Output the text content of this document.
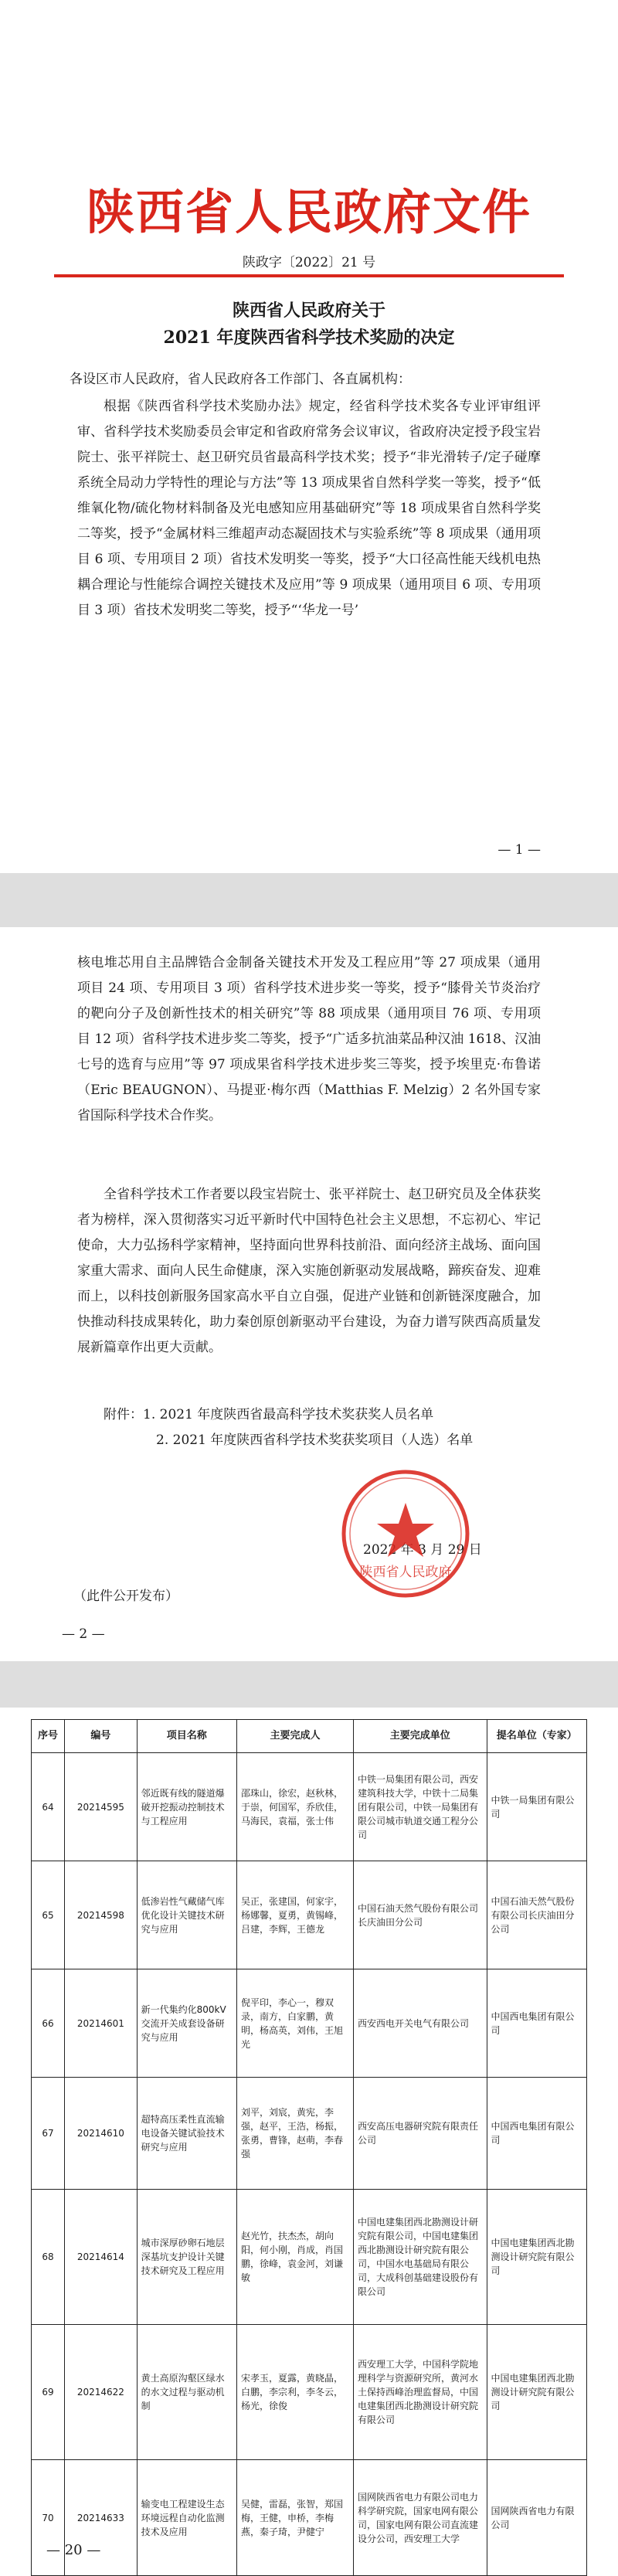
陕西省人民政府文件
陕政字〔2022〕21 号
陕西省人民政府关于
2021 年度陕西省科学技术奖励的决定
各设区市人民政府，省人民政府各工作部门、各直属机构：
根据《陕西省科学技术奖励办法》规定，经省科学技术奖各专业评审组评审、省科学技术奖励委员会审定和省政府常务会议审议，省政府决定授予段宝岩院士、张平祥院士、赵卫研究员省最高科学技术奖；授予“非光滑转子/定子碰摩系统全局动力学特性的理论与方法”等 13 项成果省自然科学奖一等奖，授予“低维氧化物/硫化物材料制备及光电感知应用基础研究”等 18 项成果省自然科学奖二等奖，授予“金属材料三维超声动态凝固技术与实验系统”等 8 项成果（通用项目 6 项、专用项目 2 项）省技术发明奖一等奖，授予“大口径高性能天线机电热耦合理论与性能综合调控关键技术及应用”等 9 项成果（通用项目 6 项、专用项目 3 项）省技术发明奖二等奖，授予“‘华龙一号’
— 1 —
核电堆芯用自主品牌锆合金制备关键技术开发及工程应用”等 27 项成果（通用项目 24 项、专用项目 3 项）省科学技术进步奖一等奖，授予“膝骨关节炎治疗的靶向分子及创新性技术的相关研究”等 88 项成果（通用项目 76 项、专用项目 12 项）省科学技术进步奖二等奖，授予“广适多抗油菜品种汉油 1618、汉油七号的选育与应用”等 97 项成果省科学技术进步奖三等奖，授予埃里克·布鲁诺（Eric BEAUGNON）、马提亚·梅尔西（Matthias F. Melzig）2 名外国专家省国际科学技术合作奖。
全省科学技术工作者要以段宝岩院士、张平祥院士、赵卫研究员及全体获奖者为榜样，深入贯彻落实习近平新时代中国特色社会主义思想，不忘初心、牢记使命，大力弘扬科学家精神，坚持面向世界科技前沿、面向经济主战场、面向国家重大需求、面向人民生命健康，深入实施创新驱动发展战略，蹄疾奋发、迎难而上，以科技创新服务国家高水平自立自强，促进产业链和创新链深度融合，加快推动科技成果转化，助力秦创原创新驱动平台建设，为奋力谱写陕西高质量发展新篇章作出更大贡献。
附件：1. 2021 年度陕西省最高科学技术奖获奖人员名单
2. 2021 年度陕西省科学技术奖获奖项目（人选）名单
2022 年 3 月 29 日
（此件公开发布）
— 2 —
陕西省人民政府
序号	编号	项目名称	主要完成人	主要完成单位	提名单位（专家）
64	20214595	邻近既有线的隧道爆破开挖振动控制技术与工程应用	邵珠山，徐宏，赵秋林，于崇，何国军，乔欣佳，马海民，袁福，张士伟	中铁一局集团有限公司，西安建筑科技大学，中铁十二局集团有限公司，中铁一局集团有限公司城市轨道交通工程分公司	中铁一局集团有限公司
65	20214598	低渗岩性气藏储气库优化设计关键技术研究与应用	吴正，张建国，何家宇，杨娜馨，夏勇，黄锡峰，吕建，李辉，王德龙	中国石油天然气股份有限公司长庆油田分公司	中国石油天然气股份有限公司长庆油田分公司
66	20214601	新一代集约化800kV交流开关成套设备研究与应用	倪平印，李心一，穆双录，南方，白家鹏，黄明，杨高英，刘伟，王旭光	西安西电开关电气有限公司	中国西电集团有限公司
67	20214610	超特高压柔性直流输电设备关键试验技术研究与应用	刘平，刘宸，黄宪，李强，赵平，王浩，杨振，张勇，曹锋，赵萌，李春强	西安高压电器研究院有限责任公司	中国西电集团有限公司
68	20214614	城市深厚砂卵石地层深基坑支护设计关键技术研究及工程应用	赵光竹，扶杰杰，胡向阳，何小刚，肖成，肖国鹏，徐峰，袁金河，刘谦敏	中国电建集团西北勘测设计研究院有限公司，中国电建集团西北勘测设计研究院有限公司，中国水电基础局有限公司，大成科创基础建设股份有限公司	中国电建集团西北勘测设计研究院有限公司
69	20214622	黄土高原沟壑区绿水的水文过程与驱动机制	宋孝玉，夏露，黄晓晶，白鹏，李宗利，李冬云，杨光，徐俊	西安理工大学，中国科学院地理科学与资源研究所，黄河水土保持西峰治理监督局，中国电建集团西北勘测设计研究院有限公司	中国电建集团西北勘测设计研究院有限公司
70	20214633	输变电工程建设生态环境远程自动化监测技术及应用	吴健，雷磊，张智，郑国梅，王健，申桥，李梅燕，秦子琦，尹健宁	国网陕西省电力有限公司电力科学研究院，国家电网有限公司，国家电网有限公司直流建设分公司，西安理工大学	国网陕西省电力有限公司
— 20 —
